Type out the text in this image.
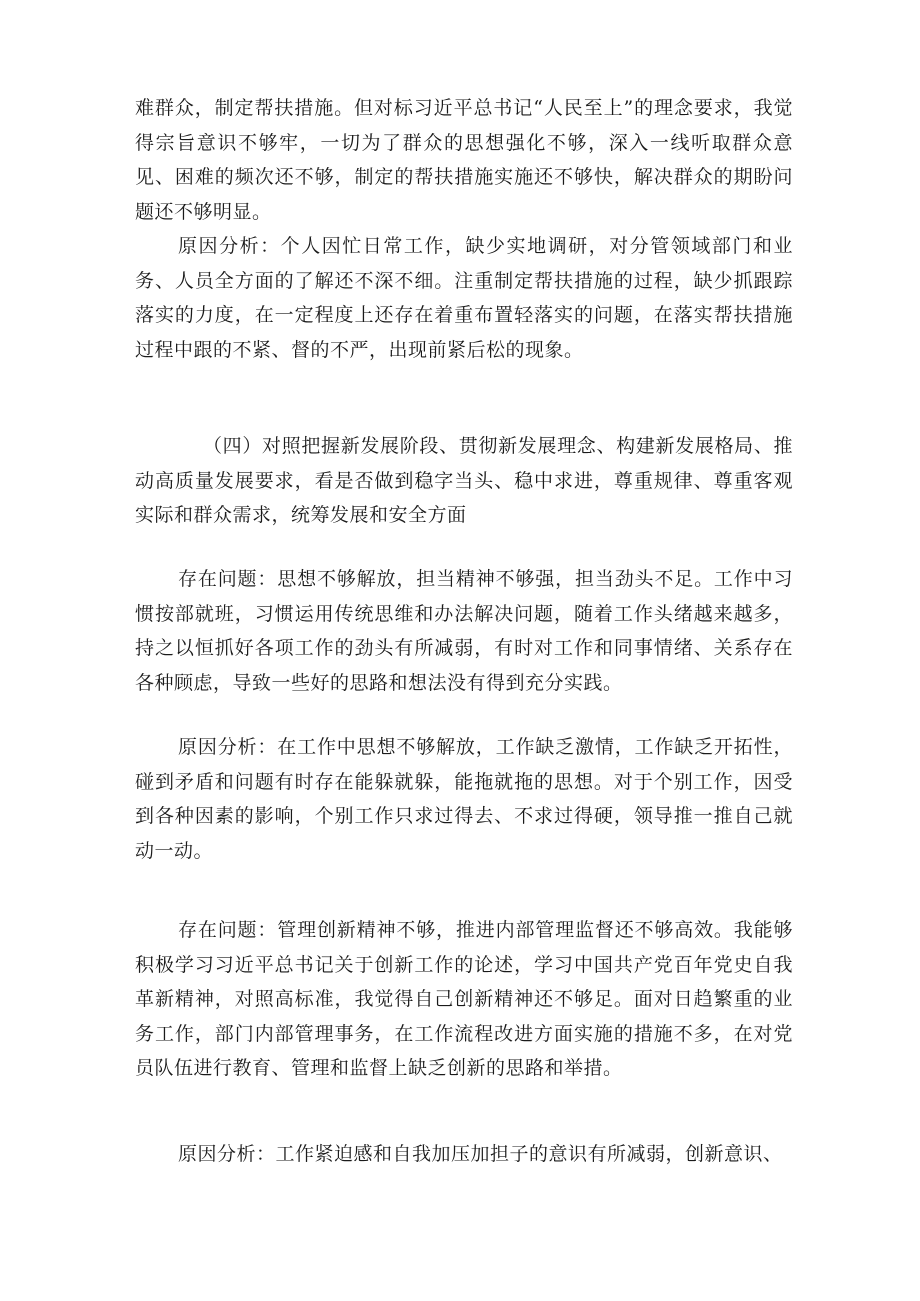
难群众，制定帮扶措施。但对标习近平总书记“人民至上”的理念要求，我觉得宗旨意识不够牢，一切为了群众的思想强化不够，深入一线听取群众意见、困难的频次还不够，制定的帮扶措施实施还不够快，解决群众的期盼问题还不够明显。

原因分析：个人因忙日常工作，缺少实地调研，对分管领域部门和业务、人员全方面的了解还不深不细。注重制定帮扶措施的过程，缺少抓跟踪落实的力度，在一定程度上还存在着重布置轻落实的问题，在落实帮扶措施过程中跟的不紧、督的不严，出现前紧后松的现象。

（四）对照把握新发展阶段、贯彻新发展理念、构建新发展格局、推动高质量发展要求，看是否做到稳字当头、稳中求进，尊重规律、尊重客观实际和群众需求，统筹发展和安全方面

存在问题：思想不够解放，担当精神不够强，担当劲头不足。工作中习惯按部就班，习惯运用传统思维和办法解决问题，随着工作头绪越来越多，持之以恒抓好各项工作的劲头有所减弱，有时对工作和同事情绪、关系存在各种顾虑，导致一些好的思路和想法没有得到充分实践。

原因分析：在工作中思想不够解放，工作缺乏激情，工作缺乏开拓性，碰到矛盾和问题有时存在能躲就躲，能拖就拖的思想。对于个别工作，因受到各种因素的影响，个别工作只求过得去、不求过得硬，领导推一推自己就动一动。

存在问题：管理创新精神不够，推进内部管理监督还不够高效。我能够积极学习习近平总书记关于创新工作的论述，学习中国共产党百年党史自我革新精神，对照高标准，我觉得自己创新精神还不够足。面对日趋繁重的业务工作，部门内部管理事务，在工作流程改进方面实施的措施不多，在对党员队伍进行教育、管理和监督上缺乏创新的思路和举措。

原因分析：工作紧迫感和自我加压加担子的意识有所减弱，创新意识、
